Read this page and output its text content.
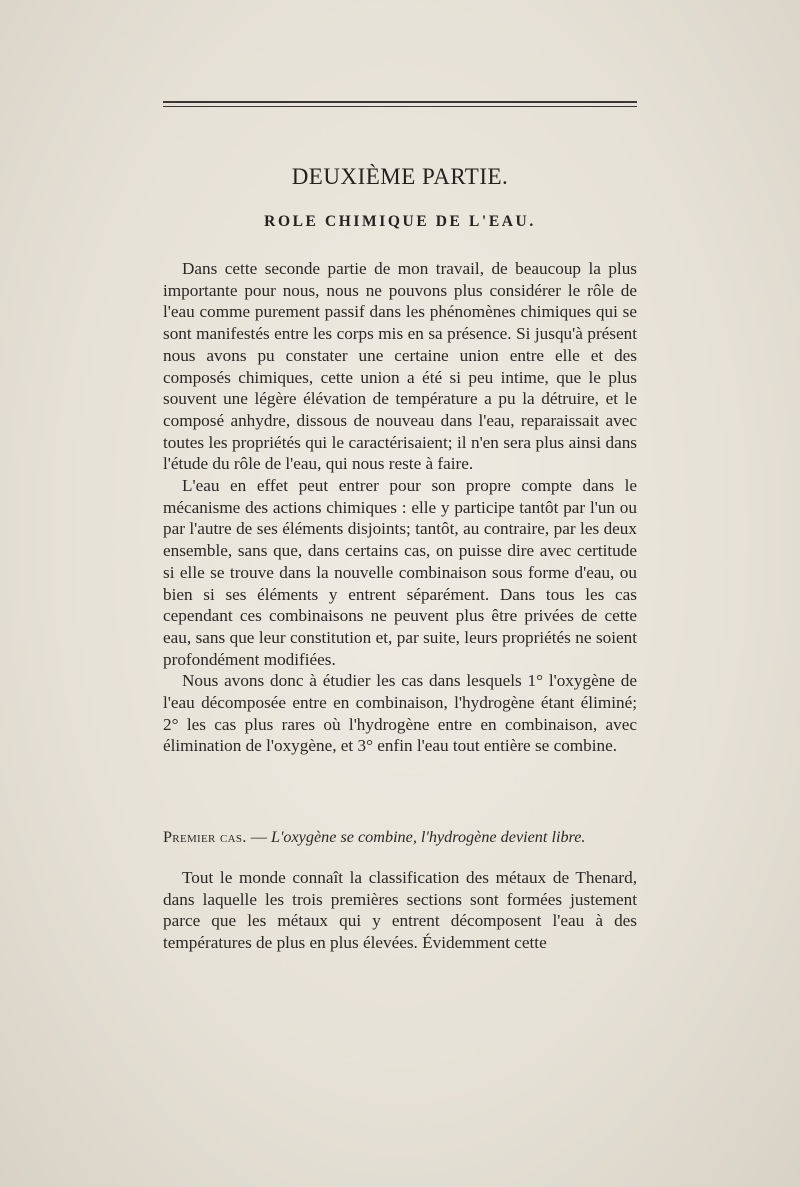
DEUXIÈME PARTIE.
ROLE CHIMIQUE DE L'EAU.

Dans cette seconde partie de mon travail, de beaucoup la plus importante pour nous, nous ne pouvons plus considérer le rôle de l'eau comme purement passif dans les phénomènes chimiques qui se sont manifestés entre les corps mis en sa présence. Si jusqu'à présent nous avons pu constater une certaine union entre elle et des composés chimiques, cette union a été si peu intime, que le plus souvent une légère élévation de température a pu la détruire, et le composé anhydre, dissous de nouveau dans l'eau, reparaissait avec toutes les propriétés qui le caractérisaient; il n'en sera plus ainsi dans l'étude du rôle de l'eau, qui nous reste à faire.

L'eau en effet peut entrer pour son propre compte dans le mécanisme des actions chimiques : elle y participe tantôt par l'un ou par l'autre de ses éléments disjoints; tantôt, au contraire, par les deux ensemble, sans que, dans certains cas, on puisse dire avec certitude si elle se trouve dans la nouvelle combinaison sous forme d'eau, ou bien si ses éléments y entrent séparément. Dans tous les cas cependant ces combinaisons ne peuvent plus être privées de cette eau, sans que leur constitution et, par suite, leurs propriétés ne soient profondément modifiées.

Nous avons donc à étudier les cas dans lesquels 1° l'oxygène de l'eau décomposée entre en combinaison, l'hydrogène étant éliminé; 2° les cas plus rares où l'hydrogène entre en combinaison, avec élimination de l'oxygène, et 3° enfin l'eau tout entière se combine.

Premier cas. — L'oxygène se combine, l'hydrogène devient libre.

Tout le monde connaît la classification des métaux de Thenard, dans laquelle les trois premières sections sont formées justement parce que les métaux qui y entrent décomposent l'eau à des températures de plus en plus élevées. Évidemment cette
